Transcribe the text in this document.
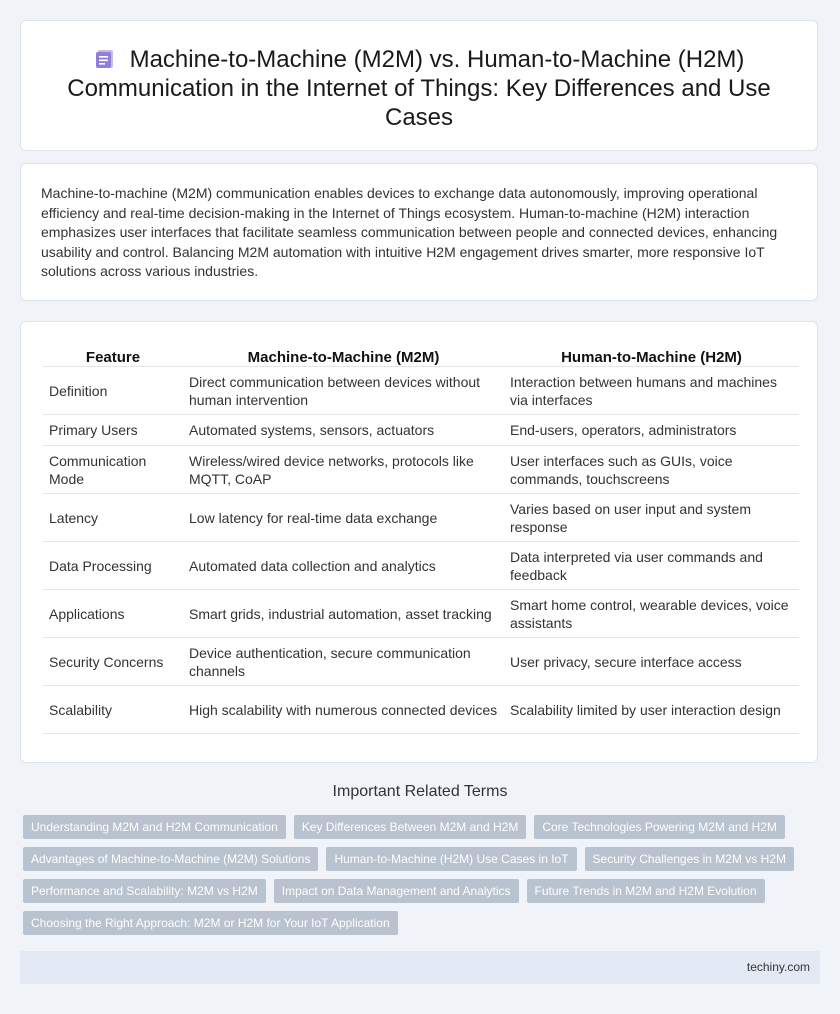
Machine-to-Machine (M2M) vs. Human-to-Machine (H2M) Communication in the Internet of Things: Key Differences and Use Cases

Machine-to-machine (M2M) communication enables devices to exchange data autonomously, improving operational efficiency and real-time decision-making in the Internet of Things ecosystem. Human-to-machine (H2M) interaction emphasizes user interfaces that facilitate seamless communication between people and connected devices, enhancing usability and control. Balancing M2M automation with intuitive H2M engagement drives smarter, more responsive IoT solutions across various industries.

Feature	Machine-to-Machine (M2M)	Human-to-Machine (H2M)
Definition	Direct communication between devices without human intervention	Interaction between humans and machines via interfaces
Primary Users	Automated systems, sensors, actuators	End-users, operators, administrators
Communication Mode	Wireless/wired device networks, protocols like MQTT, CoAP	User interfaces such as GUIs, voice commands, touchscreens
Latency	Low latency for real-time data exchange	Varies based on user input and system response
Data Processing	Automated data collection and analytics	Data interpreted via user commands and feedback
Applications	Smart grids, industrial automation, asset tracking	Smart home control, wearable devices, voice assistants
Security Concerns	Device authentication, secure communication channels	User privacy, secure interface access
Scalability	High scalability with numerous connected devices	Scalability limited by user interaction design
Important Related Terms
Understanding M2M and H2M Communication	Key Differences Between M2M and H2M	Core Technologies Powering M2M and H2M
Advantages of Machine-to-Machine (M2M) Solutions	Human-to-Machine (H2M) Use Cases in IoT	Security Challenges in M2M vs H2M
Performance and Scalability: M2M vs H2M	Impact on Data Management and Analytics	Future Trends in M2M and H2M Evolution
Choosing the Right Approach: M2M or H2M for Your IoT Application
techiny.com
